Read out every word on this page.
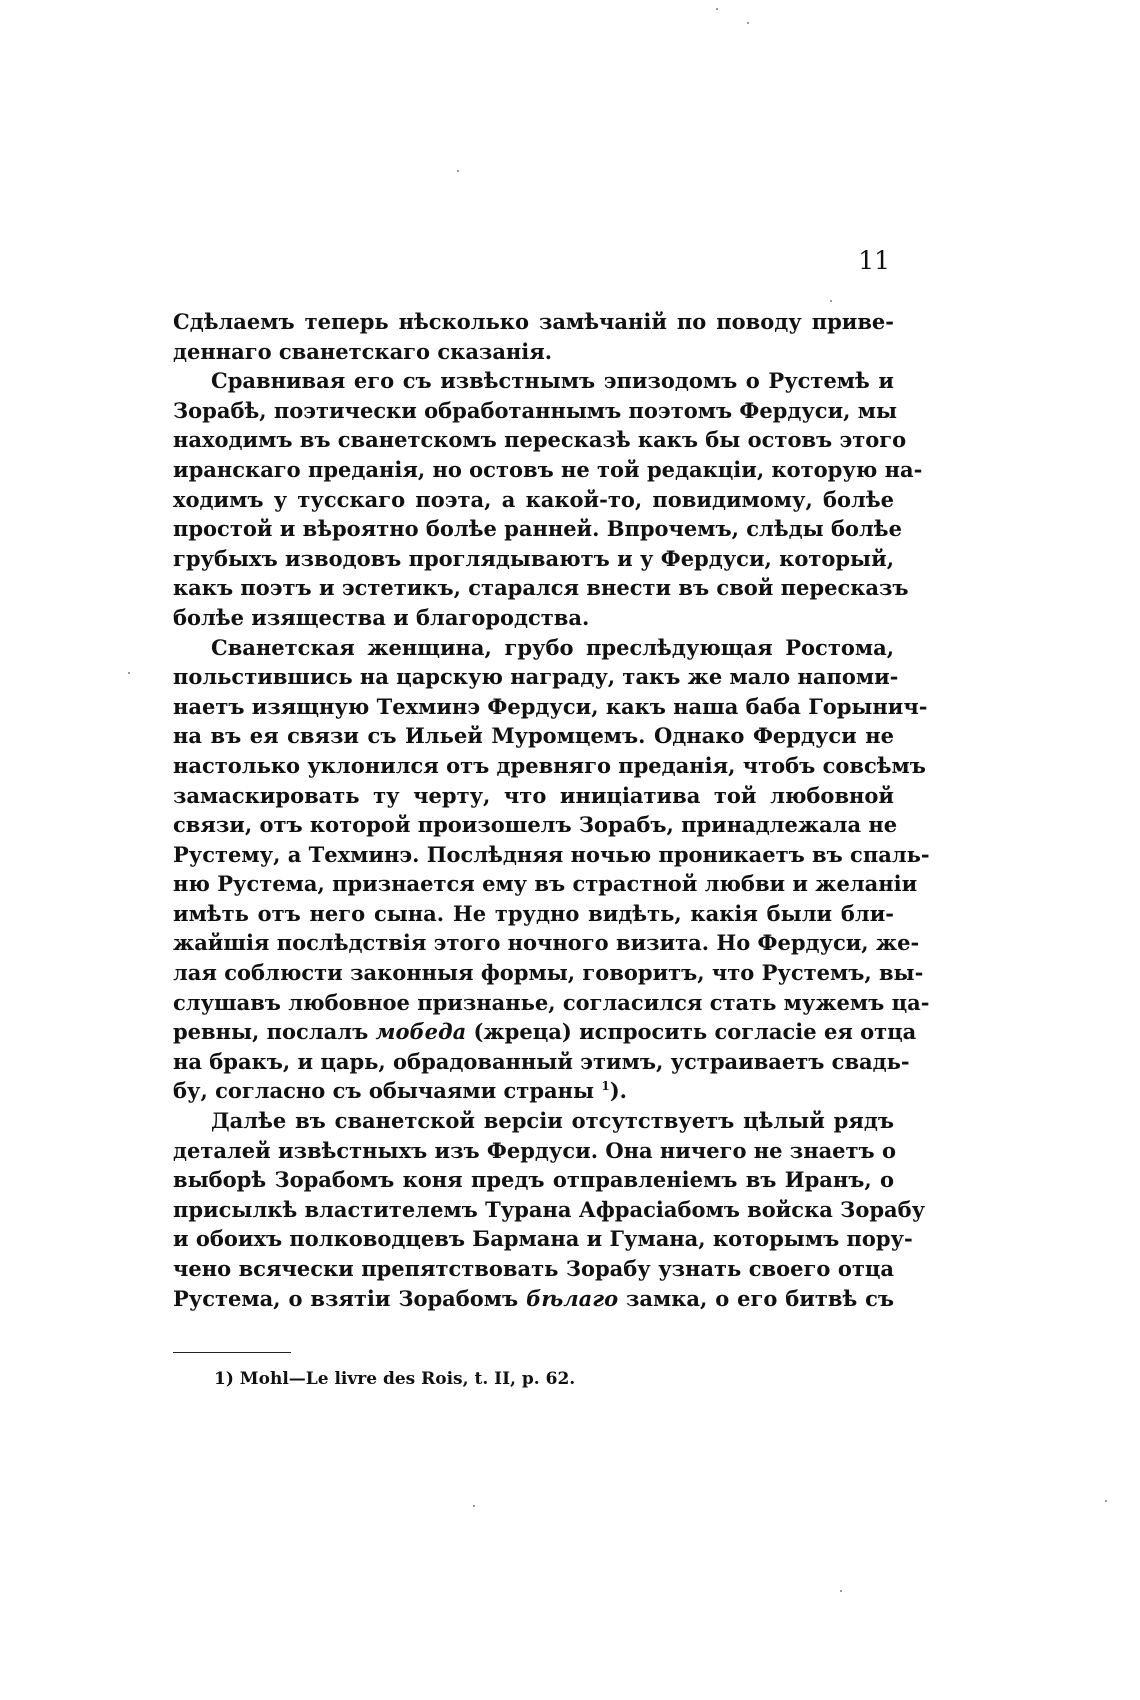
11
Сдѣлаемъ теперь нѣсколько замѣчаній по поводу приве-
деннаго сванетскаго сказанія.
Сравнивая его съ извѣстнымъ эпизодомъ о Рустемѣ и
Зорабѣ, поэтически обработаннымъ поэтомъ Фердуси, мы
находимъ въ сванетскомъ пересказѣ какъ бы остовъ этого
иранскаго преданія, но остовъ не той редакціи, которую на-
ходимъ у тусскаго поэта, а какой-то, повидимому, болѣе
простой и вѣроятно болѣе ранней. Впрочемъ, слѣды болѣе
грубыхъ изводовъ проглядываютъ и у Фердуси, который,
какъ поэтъ и эстетикъ, старался внести въ свой пересказъ
болѣе изящества и благородства.
Сванетская женщина, грубо преслѣдующая Ростома,
польстившись на царскую награду, такъ же мало напоми-
наетъ изящную Техминэ Фердуси, какъ наша баба Горынич-
на въ ея связи съ Ильей Муромцемъ. Однако Фердуси не
настолько уклонился отъ древняго преданія, чтобъ совсѣмъ
замаскировать ту черту, что иниціатива той любовной
связи, отъ которой произошелъ Зорабъ, принадлежала не
Рустему, а Техминэ. Послѣдняя ночью проникаетъ въ спаль-
ню Рустема, признается ему въ страстной любви и желаніи
имѣть отъ него сына. Не трудно видѣть, какія были бли-
жайшія послѣдствія этого ночного визита. Но Фердуси, же-
лая соблюсти законныя формы, говоритъ, что Рустемъ, вы-
слушавъ любовное признанье, согласился стать мужемъ ца-
ревны, послалъ мобеда (жреца) испросить согласіе ея отца
на бракъ, и царь, обрадованный этимъ, устраиваетъ свадь-
бу, согласно съ обычаями страны $^1$).
Далѣе въ сванетской версіи отсутствуетъ цѣлый рядъ
деталей извѣстныхъ изъ Фердуси. Она ничего не знаетъ о
выборѣ Зорабомъ коня предъ отправленіемъ въ Иранъ, о
присылкѣ властителемъ Турана Афрасіабомъ войска Зорабу
и обоихъ полководцевъ Бармана и Гумана, которымъ пору-
чено всячески препятствовать Зорабу узнать своего отца
Рустема, о взятіи Зорабомъ бѣлаго замка, о его битвѣ съ
1) Mohl—Le livre des Rois, t. II, p. 62.
